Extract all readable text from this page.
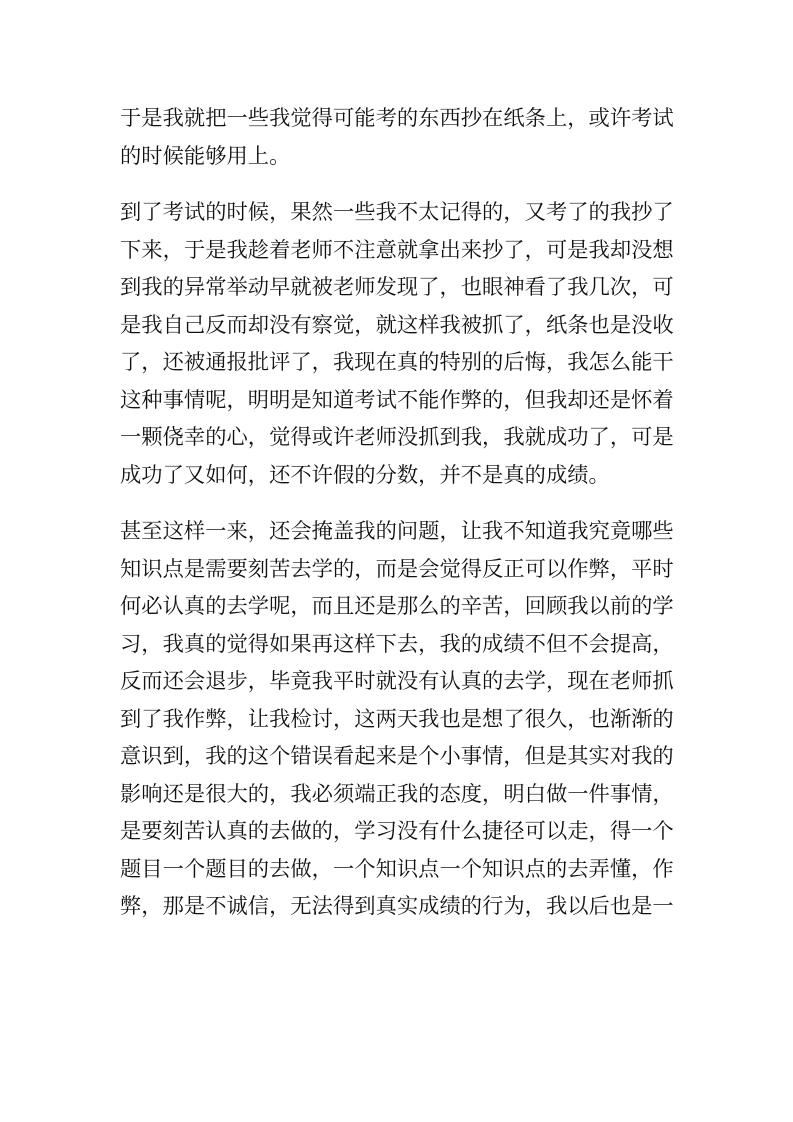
于是我就把一些我觉得可能考的东西抄在纸条上，或许考试
的时候能够用上。
到了考试的时候，果然一些我不太记得的，又考了的我抄了
下来，于是我趁着老师不注意就拿出来抄了，可是我却没想
到我的异常举动早就被老师发现了，也眼神看了我几次，可
是我自己反而却没有察觉，就这样我被抓了，纸条也是没收
了，还被通报批评了，我现在真的特别的后悔，我怎么能干
这种事情呢，明明是知道考试不能作弊的，但我却还是怀着
一颗侥幸的心，觉得或许老师没抓到我，我就成功了，可是
成功了又如何，还不许假的分数，并不是真的成绩。
甚至这样一来，还会掩盖我的问题，让我不知道我究竟哪些
知识点是需要刻苦去学的，而是会觉得反正可以作弊，平时
何必认真的去学呢，而且还是那么的辛苦，回顾我以前的学
习，我真的觉得如果再这样下去，我的成绩不但不会提高，
反而还会退步，毕竟我平时就没有认真的去学，现在老师抓
到了我作弊，让我检讨，这两天我也是想了很久，也渐渐的
意识到，我的这个错误看起来是个小事情，但是其实对我的
影响还是很大的，我必须端正我的态度，明白做一件事情，
是要刻苦认真的去做的，学习没有什么捷径可以走，得一个
题目一个题目的去做，一个知识点一个知识点的去弄懂，作
弊，那是不诚信，无法得到真实成绩的行为，我以后也是一
